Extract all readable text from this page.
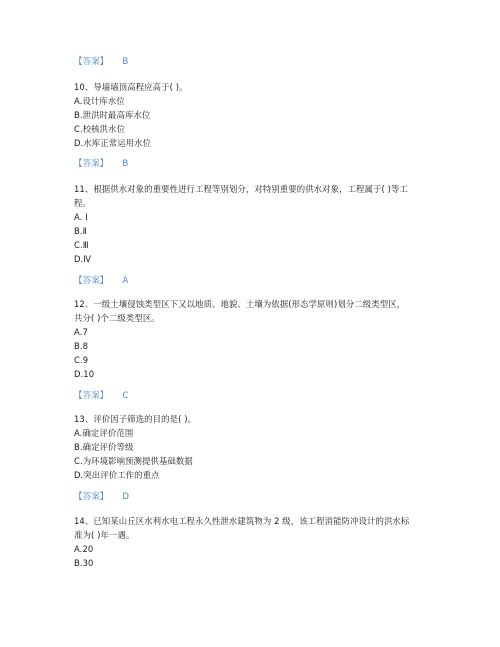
【答案】 B
10、导墙墙顶高程应高于( )。
A.设计库水位
B.泄洪时最高库水位
C.校核洪水位
D.水库正常运用水位
【答案】 B
11、根据供水对象的重要性进行工程等别划分，对特别重要的供水对象，工程属于( )等工
程。
A. Ⅰ
B.Ⅱ
C.Ⅲ
D.Ⅳ
【答案】 A
12、一级土壤侵蚀类型区下又以地质、地貌、土壤为依据(形态学原则)划分二级类型区，
共分( )个二级类型区。
A.7
B.8
C.9
D.10
【答案】 C
13、评价因子筛选的目的是( )。
A.确定评价范围
B.确定评价等级
C.为环境影响预测提供基础数据
D.突出评价工作的重点
【答案】 D
14、已知某山丘区水利水电工程永久性泄水建筑物为 2 级，该工程消能防冲设计的洪水标
准为( )年一遇。
A.20
B.30
